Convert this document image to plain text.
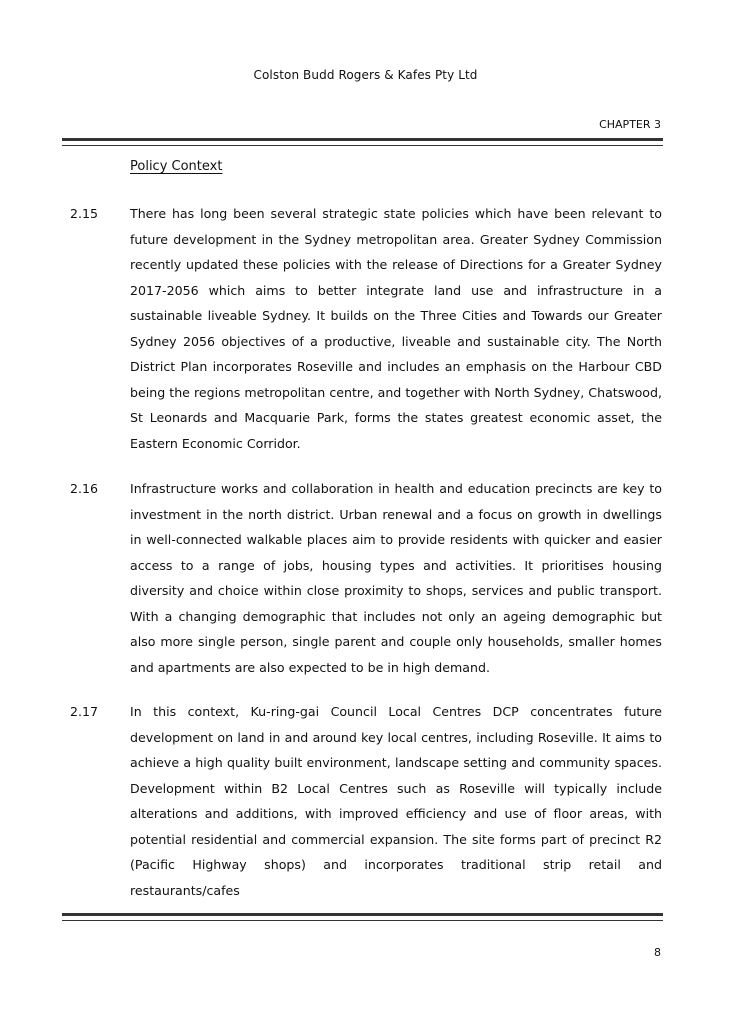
Colston Budd Rogers & Kafes Pty Ltd
CHAPTER 3
Policy Context
2.15	There has long been several strategic state policies which have been relevant to future development in the Sydney metropolitan area. Greater Sydney Commission recently updated these policies with the release of Directions for a Greater Sydney 2017-2056 which aims to better integrate land use and infrastructure in a sustainable liveable Sydney. It builds on the Three Cities and Towards our Greater Sydney 2056 objectives of a productive, liveable and sustainable city. The North District Plan incorporates Roseville and includes an emphasis on the Harbour CBD being the regions metropolitan centre, and together with North Sydney, Chatswood, St Leonards and Macquarie Park, forms the states greatest economic asset, the Eastern Economic Corridor.

2.16	Infrastructure works and collaboration in health and education precincts are key to investment in the north district. Urban renewal and a focus on growth in dwellings in well-connected walkable places aim to provide residents with quicker and easier access to a range of jobs, housing types and activities. It prioritises housing diversity and choice within close proximity to shops, services and public transport. With a changing demographic that includes not only an ageing demographic but also more single person, single parent and couple only households, smaller homes and apartments are also expected to be in high demand.

2.17	In this context, Ku-ring-gai Council Local Centres DCP concentrates future development on land in and around key local centres, including Roseville. It aims to achieve a high quality built environment, landscape setting and community spaces. Development within B2 Local Centres such as Roseville will typically include alterations and additions, with improved efficiency and use of floor areas, with potential residential and commercial expansion. The site forms part of precinct R2 (Pacific Highway shops) and incorporates traditional strip retail and restaurants/cafes

8
